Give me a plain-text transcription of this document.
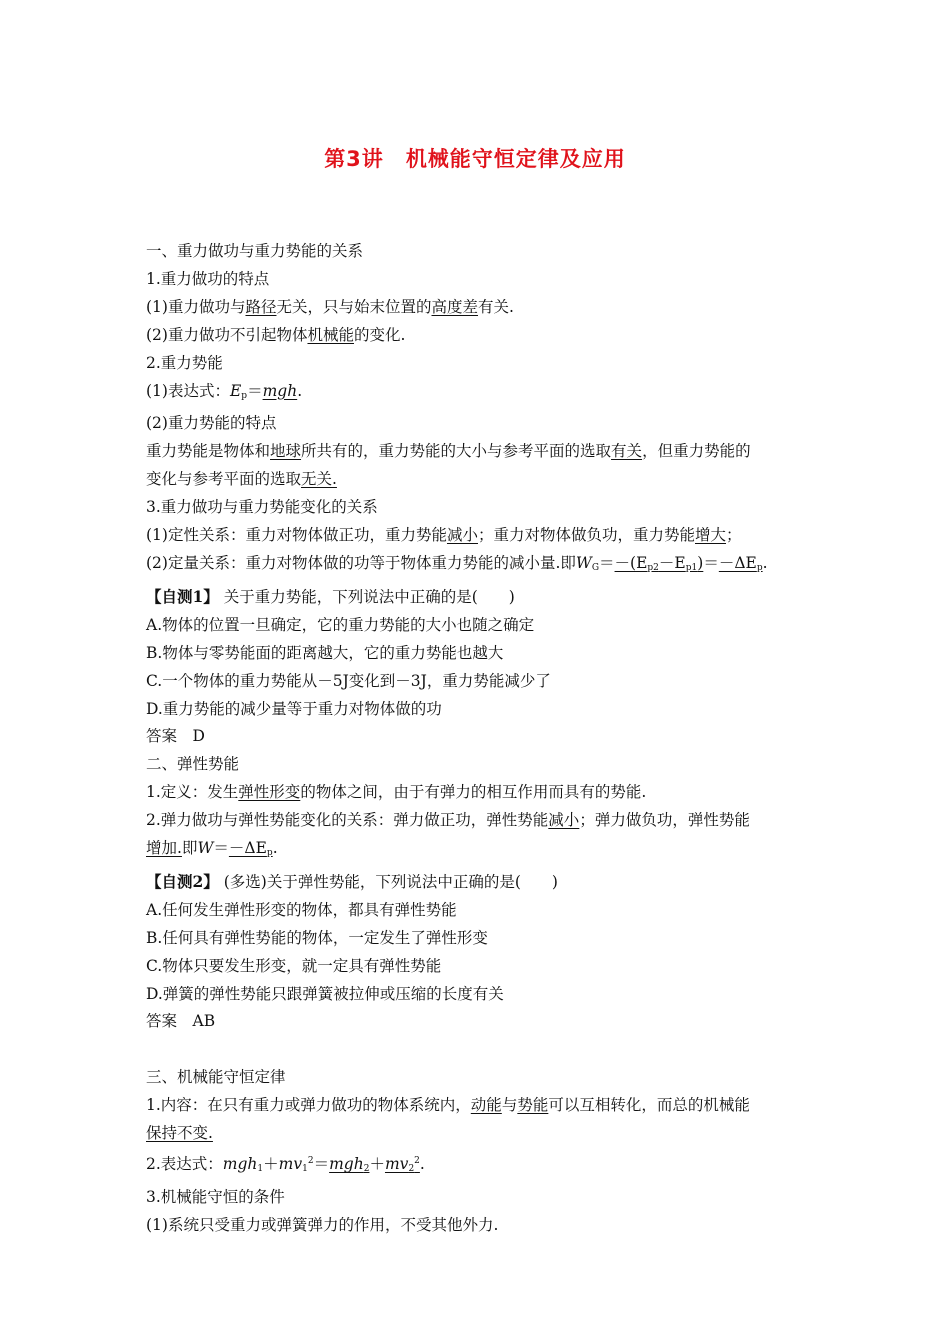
第3讲 机械能守恒定律及应用
一、重力做功与重力势能的关系
1.重力做功的特点
(1)重力做功与路径无关，只与始末位置的高度差有关.
(2)重力做功不引起物体机械能的变化.
2.重力势能
(1)表达式：$E_p=mgh$.
(2)重力势能的特点
重力势能是物体和地球所共有的，重力势能的大小与参考平面的选取有关，但重力势能的
变化与参考平面的选取无关.
3.重力做功与重力势能变化的关系
(1)定性关系：重力对物体做正功，重力势能减小；重力对物体做负功，重力势能增大；
(2)定量关系：重力对物体做的功等于物体重力势能的减小量.即$W_G=-(E_{p2}-E_{p1})=-\Delta E_p$.
【自测1】 关于重力势能，下列说法中正确的是(　　)
A.物体的位置一旦确定，它的重力势能的大小也随之确定
B.物体与零势能面的距离越大，它的重力势能也越大
C.一个物体的重力势能从－5J变化到－3J，重力势能减少了
D.重力势能的减少量等于重力对物体做的功
答案　D
二、弹性势能
1.定义：发生弹性形变的物体之间，由于有弹力的相互作用而具有的势能.
2.弹力做功与弹性势能变化的关系：弹力做正功，弹性势能减小；弹力做负功，弹性势能
增加.即$W=-\Delta E_p$.
【自测2】 (多选)关于弹性势能，下列说法中正确的是(　　)
A.任何发生弹性形变的物体，都具有弹性势能
B.任何具有弹性势能的物体，一定发生了弹性形变
C.物体只要发生形变，就一定具有弹性势能
D.弹簧的弹性势能只跟弹簧被拉伸或压缩的长度有关
答案　AB
三、机械能守恒定律
1.内容：在只有重力或弹力做功的物体系统内，动能与势能可以互相转化，而总的机械能
保持不变.
2.表达式：$mgh_1+mv_1^2=mgh_2+mv_2^2$.
3.机械能守恒的条件
(1)系统只受重力或弹簧弹力的作用，不受其他外力.
